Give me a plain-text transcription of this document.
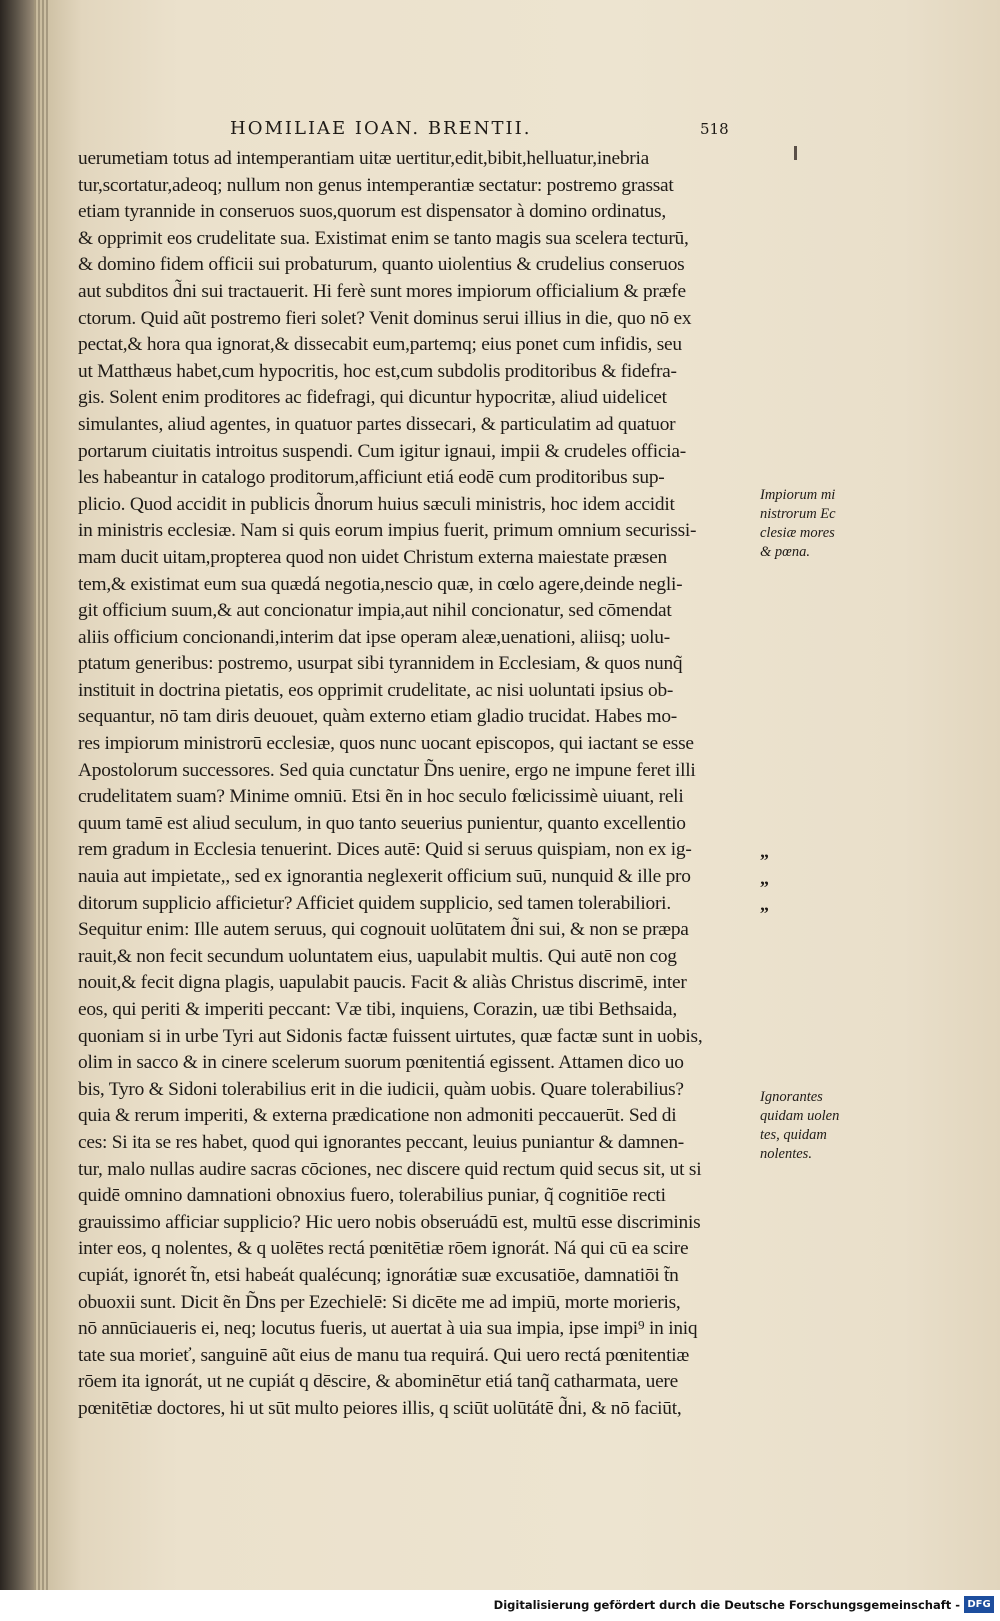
HOMILIAE IOAN. BRENTII.	518
uerumetiam totus ad intemperantiam uitæ uertitur,edit,bibit,helluatur,inebria
tur,scortatur,adeoq; nullum non genus intemperantiæ sectatur: postremo grassat
etiam tyrannide in conseruos suos,quorum est dispensator à domino ordinatus,
& opprimit eos crudelitate sua. Existimat enim se tanto magis sua scelera tecturū,
& domino fidem officii sui probaturum, quanto uiolentius & crudelius conseruos
aut subditos d̃ni sui tractauerit. Hi ferè sunt mores impiorum officialium & præfe
ctorum. Quid aũt postremo fieri solet? Venit dominus serui illius in die, quo nō ex
pectat,& hora qua ignorat,& dissecabit eum,partemq; eius ponet cum infidis, seu
ut Matthæus habet,cum hypocritis, hoc est,cum subdolis proditoribus & fidefra-
gis. Solent enim proditores ac fidefragi, qui dicuntur hypocritæ, aliud uidelicet
simulantes, aliud agentes, in quatuor partes dissecari, & particulatim ad quatuor
portarum ciuitatis introitus suspendi. Cum igitur ignaui, impii & crudeles officia-
les habeantur in catalogo proditorum,afficiunt etiá eodē cum proditoribus sup-
plicio. Quod accidit in publicis d̃norum huius sæculi ministris, hoc idem accidit
in ministris ecclesiæ. Nam si quis eorum impius fuerit, primum omnium securissi-
mam ducit uitam,propterea quod non uidet Christum externa maiestate præsen
tem,& existimat eum sua quædá negotia,nescio quæ, in cœlo agere,deinde negli-
git officium suum,& aut concionatur impia,aut nihil concionatur, sed cōmendat
aliis officium concionandi,interim dat ipse operam aleæ,uenationi, aliisq; uolu-
ptatum generibus: postremo, usurpat sibi tyrannidem in Ecclesiam, & quos nunq̃
instituit in doctrina pietatis, eos opprimit crudelitate, ac nisi uoluntati ipsius ob-
sequantur, nō tam diris deuouet, quàm externo etiam gladio trucidat. Habes mo-
res impiorum ministrorū ecclesiæ, quos nunc uocant episcopos, qui iactant se esse
Apostolorum successores. Sed quia cunctatur D̃ns uenire, ergo ne impune feret illi
crudelitatem suam? Minime omniū. Etsi ẽn in hoc seculo fœlicissimè uiuant, reli
quum tamē est aliud seculum, in quo tanto seuerius punientur, quanto excellentio
rem gradum in Ecclesia tenuerint. Dices autē: Quid si seruus quispiam, non ex ig-
nauia aut impietate,, sed ex ignorantia neglexerit officium suū, nunquid & ille pro
ditorum supplicio afficietur? Afficiet quidem supplicio, sed tamen tolerabiliori.
Sequitur enim: Ille autem seruus, qui cognouit uolūtatem d̃ni sui, & non se præpa
rauit,& non fecit secundum uoluntatem eius, uapulabit multis. Qui autē non cog
nouit,& fecit digna plagis, uapulabit paucis. Facit & aliàs Christus discrimē, inter
eos, qui periti & imperiti peccant: Væ tibi, inquiens, Corazin, uæ tibi Bethsaida,
quoniam si in urbe Tyri aut Sidonis factæ fuissent uirtutes, quæ factæ sunt in uobis,
olim in sacco & in cinere scelerum suorum pœnitentiá egissent. Attamen dico uo
bis, Tyro & Sidoni tolerabilius erit in die iudicii, quàm uobis. Quare tolerabilius?
quia & rerum imperiti, & externa prædicatione non admoniti peccauerūt. Sed di
ces: Si ita se res habet, quod qui ignorantes peccant, leuius puniantur & damnen-
tur, malo nullas audire sacras cōciones, nec discere quid rectum quid secus sit, ut si
quidē omnino damnationi obnoxius fuero, tolerabilius puniar, q̃ cognitiōe recti
grauissimo afficiar supplicio? Hic uero nobis obseruádū est, multū esse discriminis
inter eos, q nolentes, & q uolētes rectá pœnitētiæ rōem ignorát. Ná qui cū ea scire
cupiát, ignorét t̃n, etsi habeát qualécunq; ignorátiæ suæ excusatiōe, damnatiōi t̃n
obuoxii sunt. Dicit ẽn D̃ns per Ezechielē: Si dicēte me ad impiū, morte morieris,
nō annūciaueris ei, neq; locutus fueris, ut auertat à uia sua impia, ipse impi⁹ in iniq
tate sua morieť, sanguinē aũt eius de manu tua requirá. Qui uero rectá pœnitentiæ
rōem ita ignorát, ut ne cupiát q dēscire, & abominētur etiá tanq̃ catharmata, uere
pœnitētiæ doctores, hi ut sūt multo peiores illis, q sciūt uolūtátē d̃ni, & nō faciūt,
Impiorum mi
nistrorum Ec
clesiæ mores
& pœna.
Ignorantes
quidam uolen
tes, quidam
nolentes.
„
„
„
Digitalisierung gefördert durch die Deutsche Forschungsgemeinschaft - DFG
